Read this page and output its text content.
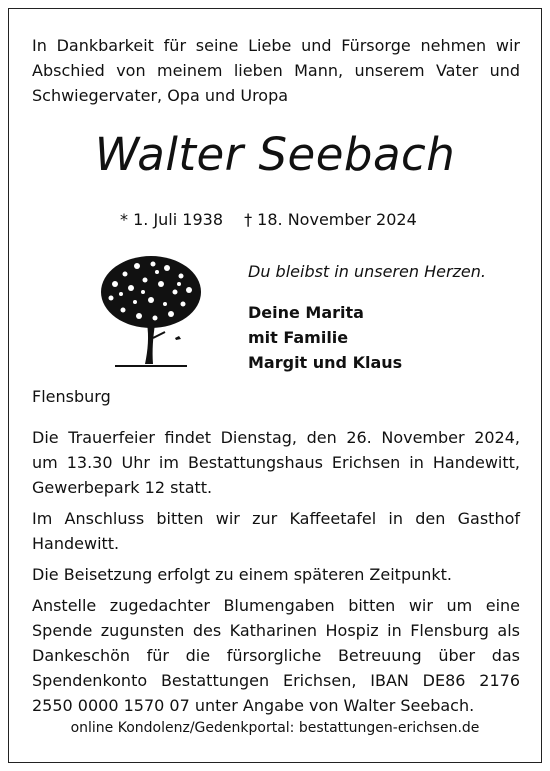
In Dankbarkeit für seine Liebe und Fürsorge nehmen wir
Abschied von meinem lieben Mann, unserem Vater und
Schwiegervater, Opa und Uropa
Walter Seebach
* 1. Juli 1938 † 18. November 2024
Du bleibst in unseren Herzen.
Deine Marita
mit Familie
Margit und Klaus
Flensburg

Die Trauerfeier findet Dienstag, den 26. November 2024,
um 13.30 Uhr im Bestattungshaus Erichsen in Handewitt,
Gewerbepark 12 statt.

Im Anschluss bitten wir zur Kaffeetafel in den Gasthof
Handewitt.

Die Beisetzung erfolgt zu einem späteren Zeitpunkt.

Anstelle zugedachter Blumengaben bitten wir um eine
Spende zugunsten des Katharinen Hospiz in Flensburg als
Dankeschön für die fürsorgliche Betreuung über das
Spendenkonto Bestattungen Erichsen, IBAN DE86 2176
2550 0000 1570 07 unter Angabe von Walter Seebach.

online Kondolenz/Gedenkportal: bestattungen-erichsen.de
